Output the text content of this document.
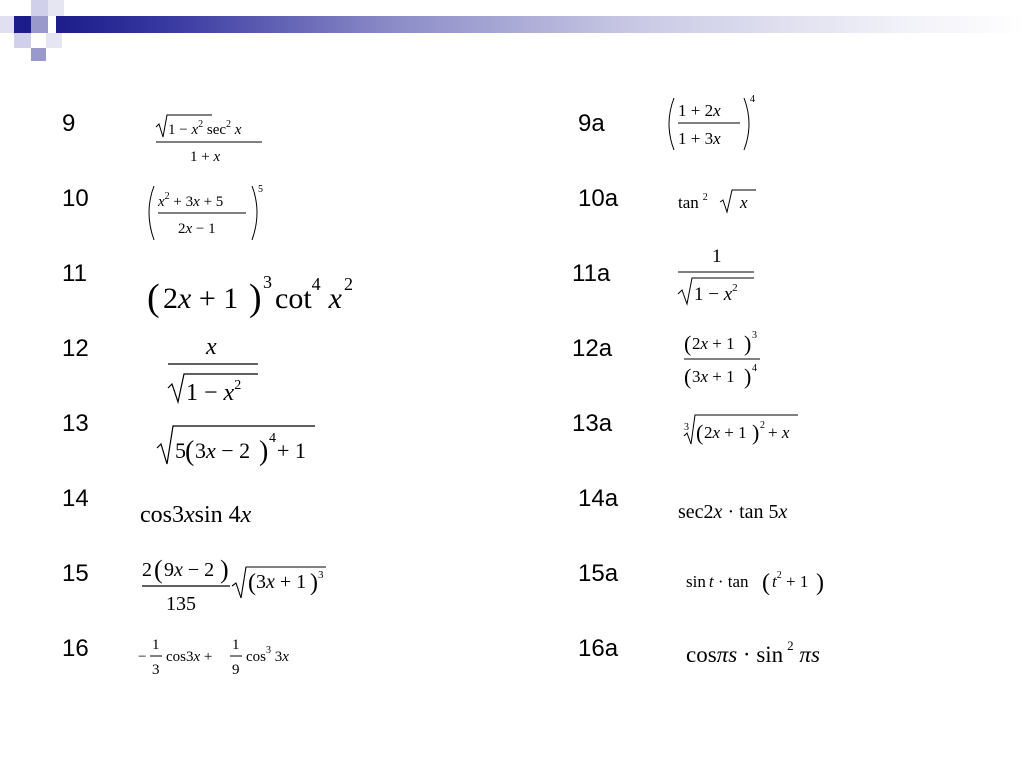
9
10
11
12
13
14
15
16
9a
10a
11a
12a
13a
14a
15a
16a
$1 - x^2$ $\sec^2 x$
1 + x
$x^2 + 3x + 5$
2x − 1
5
( 2x + 1 ) 3 $\cot^4 x$ $^2$
x
$1 - x^2$
5 ( 3x − 2 ) 4 + 1
cos3xsin 4x
2 ( 9x − 2 )
135
( 3x + 1 ) 3
−
1
3
cos3x +
1
9
$\cos^3 3x$
1 + 2x
1 + 3x
4
tan $^2$ x
1
$1 - x^2$
( 2x + 1 ) 3
( 3x + 1 ) 4
3 ( 2x + 1 ) 2 + x
sec2x · tan 5x
sin t · tan ( $t^2 + 1$ )
cosπs · sin $^2$ πs
